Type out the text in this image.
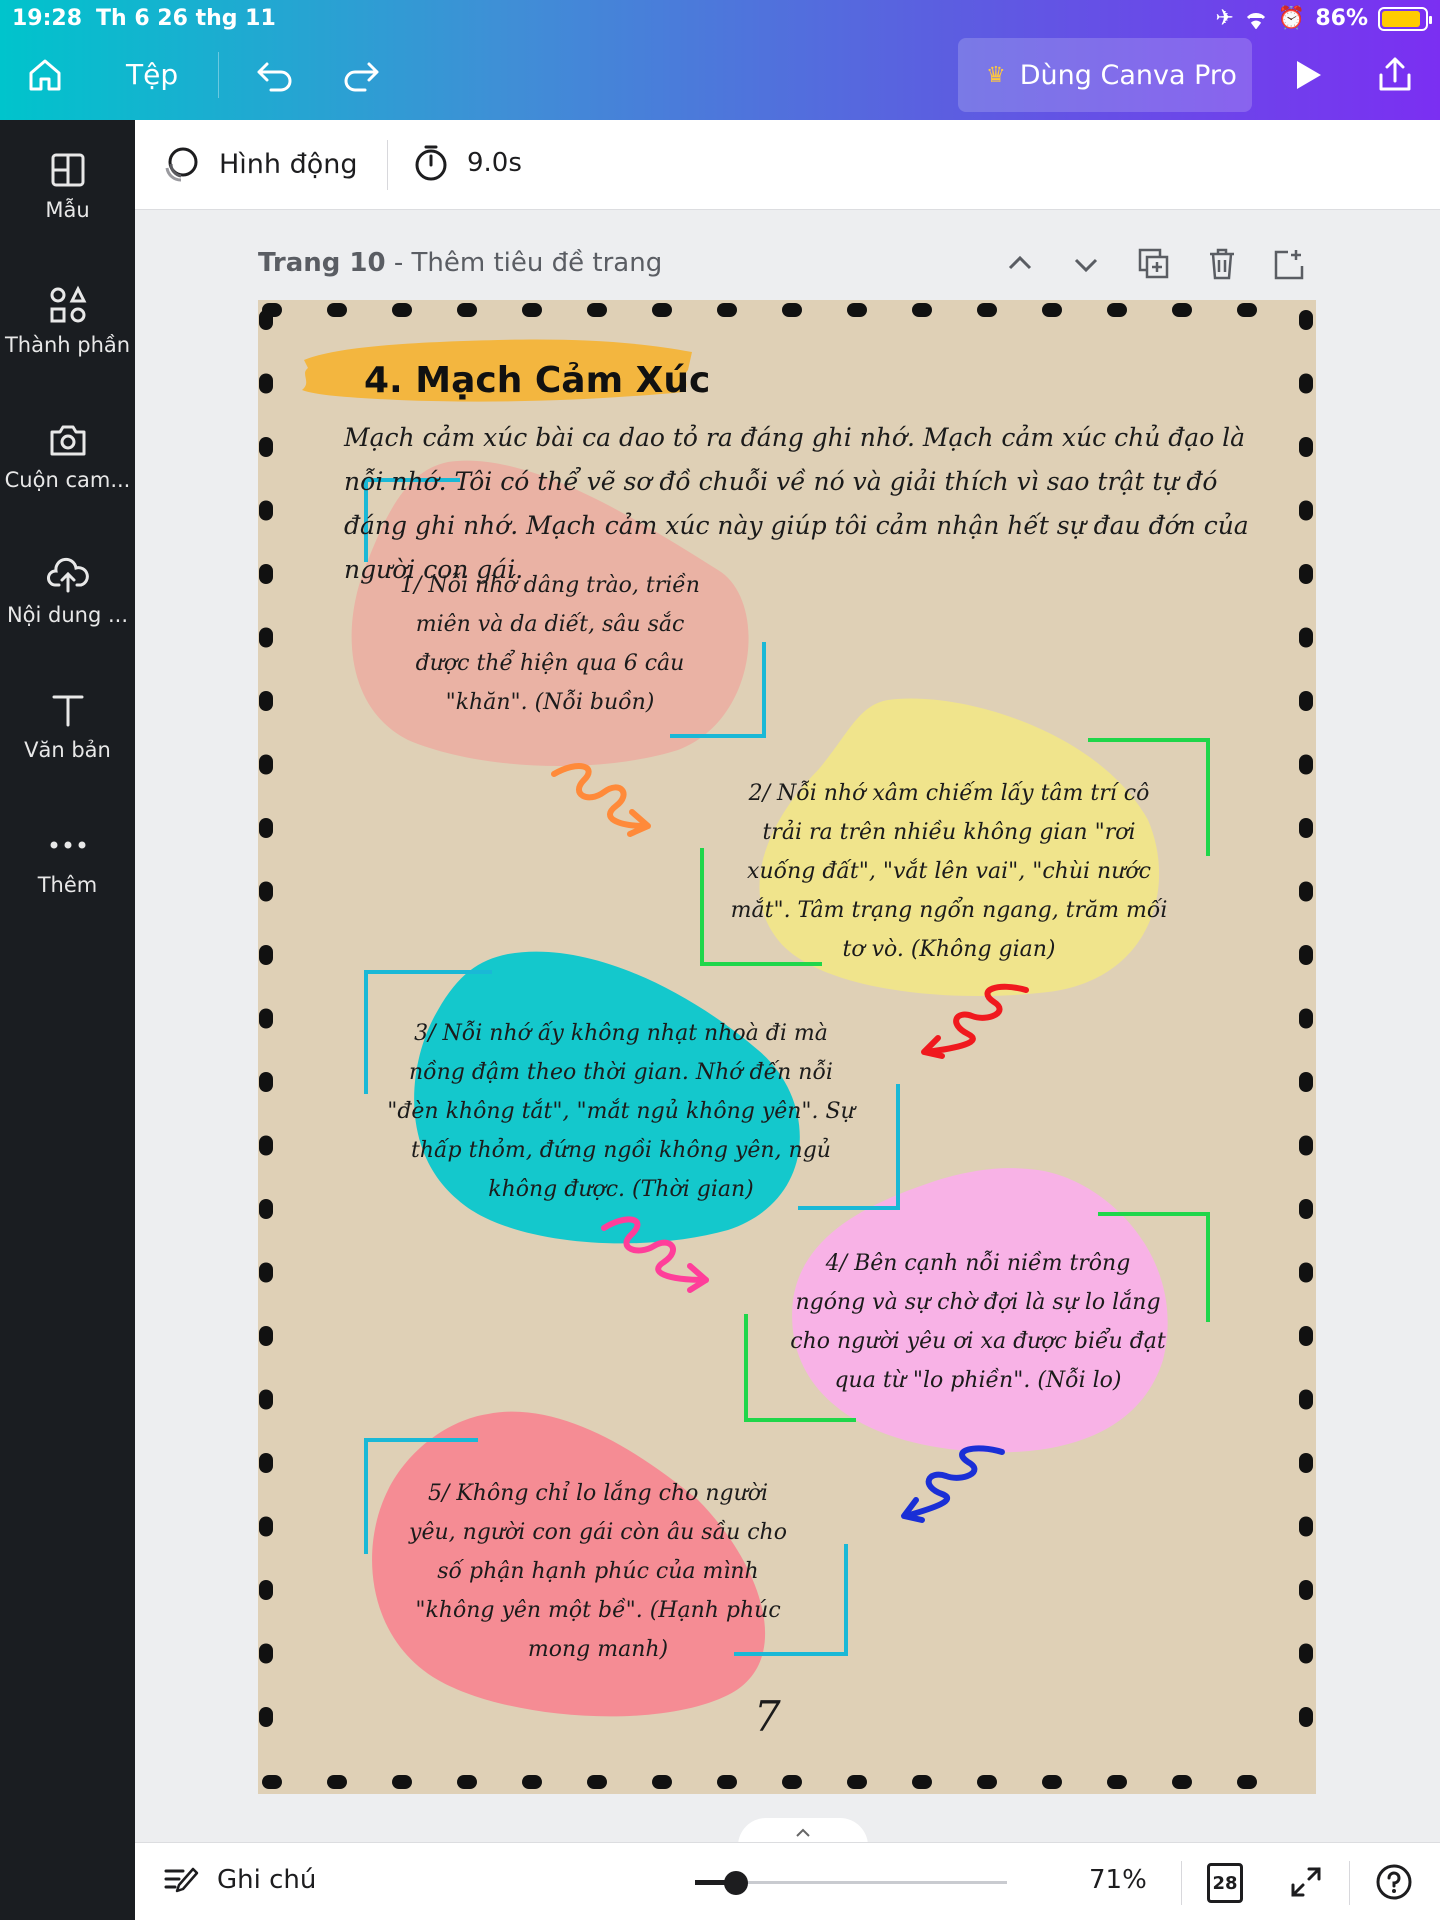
19:28 Th 6 26 thg 11	✈ ⏰ 86%
Tệp	♛ Dùng Canva Pro
Mẫu
Thành phần
Cuộn cam...
Nội dung ...
Văn bản
Thêm
Hình động	9.0s
Trang 10 - Thêm tiêu đề trang
4. Mạch Cảm Xúc
Mạch cảm xúc bài ca dao tỏ ra đáng ghi nhớ. Mạch cảm xúc chủ đạo là nỗi nhớ. Tôi có thể vẽ sơ đồ chuỗi về nó và giải thích vì sao trật tự đó đáng ghi nhớ. Mạch cảm xúc này giúp tôi cảm nhận hết sự đau đớn của người con gái.
1/ Nỗi nhớ dâng trào, triền miên và da diết, sâu sắc được thể hiện qua 6 câu "khăn". (Nỗi buồn)
2/ Nỗi nhớ xâm chiếm lấy tâm trí cô trải ra trên nhiều không gian "rơi xuống đất", "vắt lên vai", "chùi nước mắt". Tâm trạng ngổn ngang, trăm mối tơ vò. (Không gian)
3/ Nỗi nhớ ấy không nhạt nhoà đi mà nồng đậm theo thời gian. Nhớ đến nỗi "đèn không tắt", "mắt ngủ không yên". Sự thấp thỏm, đứng ngồi không yên, ngủ không được. (Thời gian)
4/ Bên cạnh nỗi niềm trông ngóng và sự chờ đợi là sự lo lắng cho người yêu ơi xa được biểu đạt qua từ "lo phiền". (Nỗi lo)
5/ Không chỉ lo lắng cho người yêu, người con gái còn âu sầu cho số phận hạnh phúc của mình "không yên một bề". (Hạnh phúc mong manh)
7
Ghi chú	71%	28
